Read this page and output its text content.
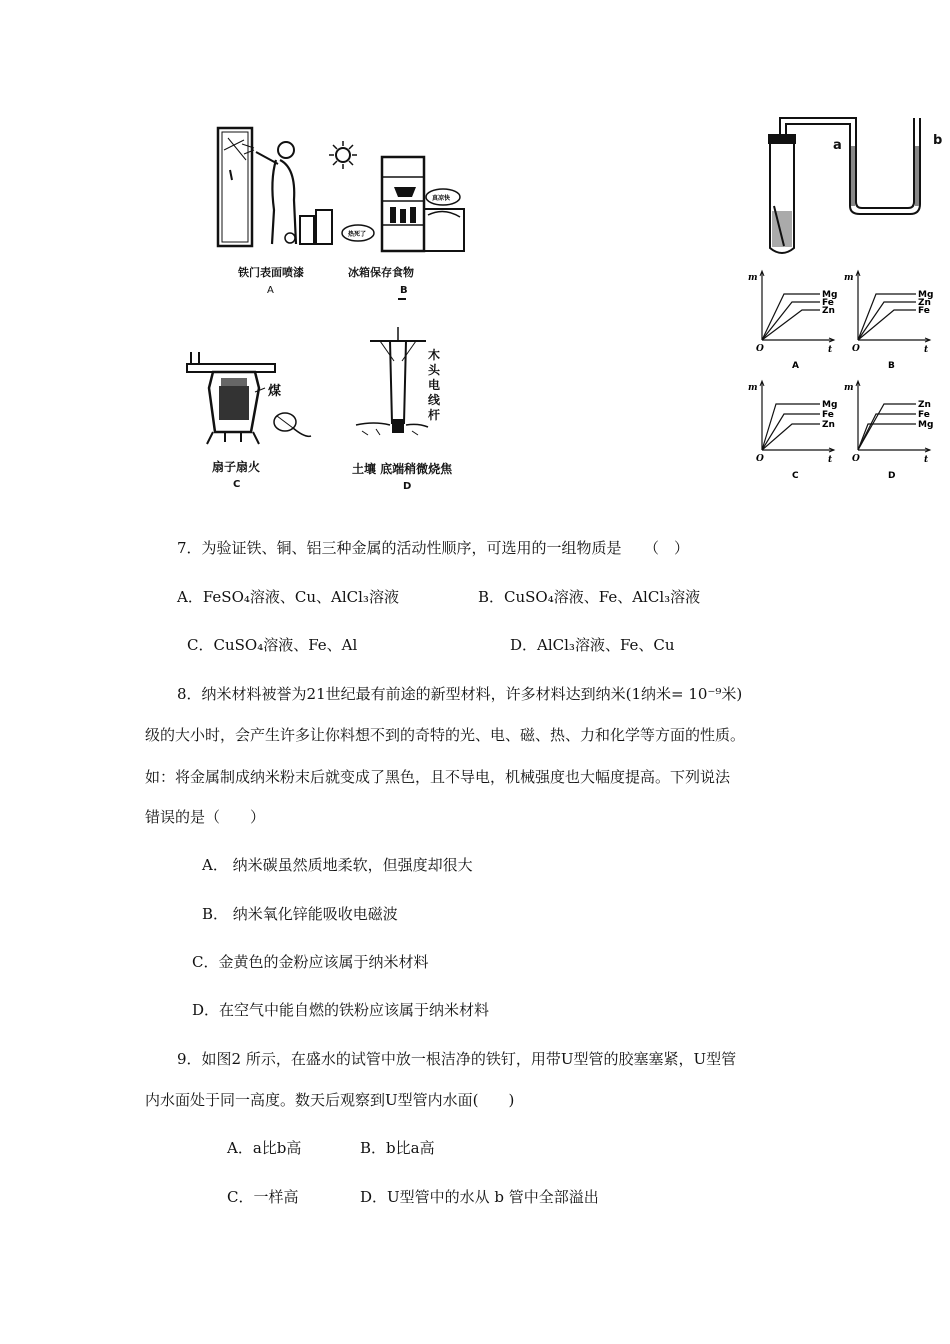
铁门表面喷漆
A
热死了
真凉快
冰箱保存食物
B
煤
扇子扇火
C
木头电线杆
土壤 底端稍微烧焦
D
a	b
m
t
O
A
Mg
Fe
Zn
m
t
O
B
Mg
Zn
Fe
m
t
O
C
Mg
Fe
Zn
m
t
O
D
Zn
Fe
Mg
7．为验证铁、铜、铝三种金属的活动性顺序，可选用的一组物质是　　（　）
A．FeSO₄溶液、Cu、AlCl₃溶液	B．CuSO₄溶液、Fe、AlCl₃溶液
C．CuSO₄溶液、Fe、Al	D．AlCl₃溶液、Fe、Cu
8．纳米材料被誉为21世纪最有前途的新型材料，许多材料达到纳米(1纳米= 10⁻⁹米)
级的大小时，会产生许多让你料想不到的奇特的光、电、磁、热、力和化学等方面的性质。
如：将金属制成纳米粉末后就变成了黑色，且不导电，机械强度也大幅度提高。下列说法
错误的是（　　）
A． 纳米碳虽然质地柔软，但强度却很大
B． 纳米氧化锌能吸收电磁波
C．金黄色的金粉应该属于纳米材料
D．在空气中能自燃的铁粉应该属于纳米材料
9．如图2 所示，在盛水的试管中放一根洁净的铁钉，用带U型管的胶塞塞紧，U型管
内水面处于同一高度。数天后观察到U型管内水面(　　)
A．a比b高	B．b比a高
C．一样高	D．U型管中的水从 b 管中全部溢出
